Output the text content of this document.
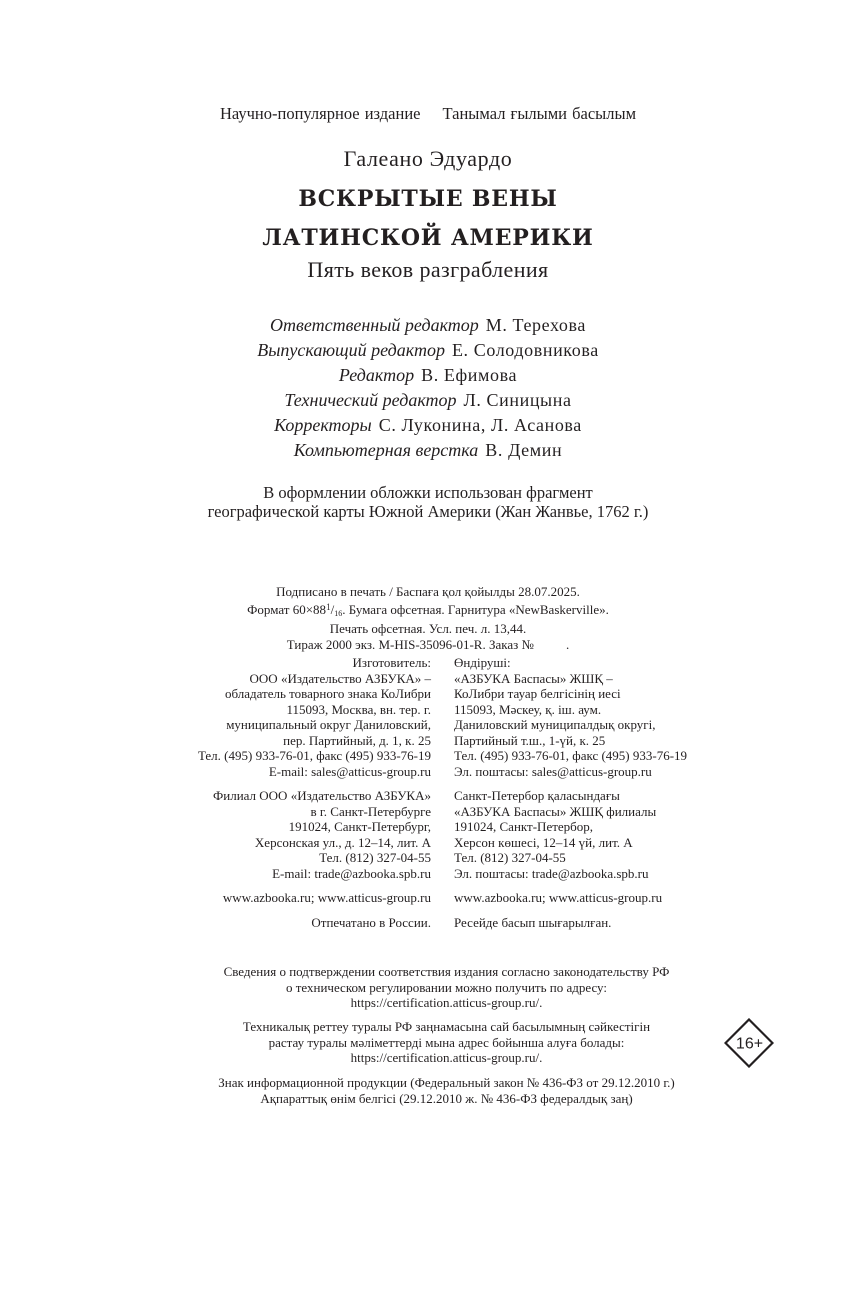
Научно-популярное издание Танымал ғылыми басылым
Галеано Эдуардо
ВСКРЫТЫЕ ВЕНЫ
ЛАТИНСКОЙ АМЕРИКИ
Пять веков разграбления
Ответственный редактор М. Терехова
Выпускающий редактор Е. Солодовникова
Редактор В. Ефимова
Технический редактор Л. Синицына
Корректоры С. Луконина, Л. Асанова
Компьютерная верстка В. Демин
В оформлении обложки использован фрагмент
географической карты Южной Америки (Жан Жанвье, 1762 г.)
Подписано в печать / Баспаға қол қойылды 28.07.2025.
Формат $60\times 88^1/_{16}$. Бумага офсетная. Гарнитура «NewBaskerville».
Печать офсетная. Усл. печ. л. 13,44.
Тираж 2000 экз. M-HIS-35096-01-R. Заказ № .
Изготовитель:
ООО «Издательство АЗБУКА» –
обладатель товарного знака КоЛибри
115093, Москва, вн. тер. г.
муниципальный округ Даниловский,
пер. Партийный, д. 1, к. 25
Тел. (495) 933-76-01, факс (495) 933-76-19
E-mail: sales@atticus-group.ru
Өндіруші:
«АЗБУКА Баспасы» ЖШҚ –
КоЛибри тауар белгісінің иесі
115093, Мәскеу, қ. іш. аум.
Даниловский муниципалдық округі,
Партийный т.ш., 1-үй, к. 25
Тел. (495) 933-76-01, факс (495) 933-76-19
Эл. поштасы: sales@atticus-group.ru
Филиал ООО «Издательство АЗБУКА»
в г. Санкт-Петербурге
191024, Санкт-Петербург,
Херсонская ул., д. 12–14, лит. А
Тел. (812) 327-04-55
E-mail: trade@azbooka.spb.ru
Санкт-Петербор қаласындағы
«АЗБУКА Баспасы» ЖШҚ филиалы
191024, Санкт-Петербор,
Херсон көшесі, 12–14 үй, лит. А
Тел. (812) 327-04-55
Эл. поштасы: trade@azbooka.spb.ru
www.azbooka.ru; www.atticus-group.ru www.azbooka.ru; www.atticus-group.ru
Отпечатано в России. Ресейде басып шығарылған.
Сведения о подтверждении соответствия издания согласно законодательству РФ
о техническом регулировании можно получить по адресу:
https://certification.atticus-group.ru/.
Техникалық реттеу туралы РФ заңнамасына сай басылымның сәйкестігін
растау туралы мәліметтерді мына адрес бойынша алуға болады:
https://certification.atticus-group.ru/.
Знак информационной продукции (Федеральный закон № 436-ФЗ от 29.12.2010 г.)
Ақпараттық өнім белгісі (29.12.2010 ж. № 436-ФЗ федералдық заң)
16+
